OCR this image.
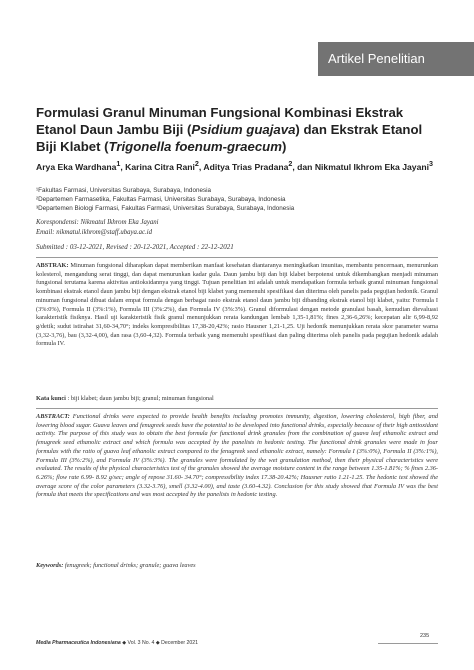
Artikel Penelitian
Formulasi Granul Minuman Fungsional Kombinasi Ekstrak Etanol Daun Jambu Biji (Psidium guajava) dan Ekstrak Etanol Biji Klabet (Trigonella foenum-graecum)
Arya Eka Wardhana$^1$, Karina Citra Rani$^2$, Aditya Trias Pradana$^2$, dan Nikmatul Ikhrom Eka Jayani$^3$
¹Fakultas Farmasi, Universitas Surabaya, Surabaya, Indonesia
²Departemen Farmasetika, Fakultas Farmasi, Universitas Surabaya, Surabaya, Indonesia
³Departemen Biologi Farmasi, Fakultas Farmasi, Universitas Surabaya, Surabaya, Indonesia
Korespondensi: Nikmatul Ikhrom Eka Jayani
Email: nikmatul.ikhrom@staff.ubaya.ac.id
Submitted : 03-12-2021, Revised : 20-12-2021, Accepted : 22-12-2021
ABSTRAK: Minuman fungsional diharapkan dapat memberikan manfaat kesehatan diantaranya meningkatkan imunitas, membantu pencernaan, menurunkan kolesterol, mengandung serat tinggi, dan dapat menurunkan kadar gula. Daun jambu biji dan biji klabet berpotensi untuk dikembangkan menjadi minuman fungsional terutama karena aktivitas antioksidannya yang tinggi. Tujuan penelitian ini adalah untuk mendapatkan formula terbaik granul minuman fungsional kombinasi ekstrak etanol daun jambu biji dengan ekstrak etanol biji klabet yang memenuhi spesifikasi dan diterima oleh panelis pada pegujian hedonik. Granul minuman fungsional dibuat dalam empat formula dengan berbagai rasio ekstrak etanol daun jambu biji dibanding ekstrak etanol biji klabet, yaitu: Formula I (3%:0%), Formula II (3%:1%), Formula III (3%:2%), dan Formula IV (3%:3%). Granul diformulasi dengan metode granulasi basah, kemudian dievaluasi karakteristik fisiknya. Hasil uji karakteristik fisik granul menunjukkan rerata kandungan lembab 1,35-1,81%; fines 2,36-6,26%; kecepatan alir 6,99-8,92 g/detik; sudut istirahat 31,60-34,70°; indeks kompresibilitas 17,38-20,42%; rasio Hausner 1,21-1,25. Uji hedonik menunjukkan rerata skor parameter warna (3,32-3,76), bau (3,32-4,00), dan rasa (3,60-4,32). Formula terbaik yang memenuhi spesifikasi dan paling diterima oleh panelis pada pegujian hedonik adalah formula IV.
Kata kunci : biji klabet; daun jambu biji; granul; minuman fungsional
ABSTRACT: Functional drinks were expected to provide health benefits including promotes immunity, digestion, lowering cholesterol, high fiber, and lowering blood sugar. Guava leaves and fenugreek seeds have the potential to be developed into functional drinks, especially because of their high antioxidant activity. The purpose of this study was to obtain the best formula for functional drink granules from the combination of guava leaf ethanolic extract and fenugreek seed ethanolic extract and which formula was accepted by the panelists in hedonic testing. The functional drink granules were made in four formulas with the ratio of guava leaf ethanolic extract compared to the fenugreek seed ethanolic extract, namely: Formula I (3%:0%), Formula II (3%:1%), Formula III (3%:2%), and Formula IV (3%:3%). The granules were formulated by the wet granulation method, then their physical characteristics were evaluated. The results of the physical characteristics test of the granules showed the average moisture content in the range between 1.35-1.81%; % fines 2.36-6.26%; flow rate 6.99- 8.92 g/sec; angle of repose 31.60- 34.70°; compressibility index 17.38-20.42%; Hausner ratio 1.21-1.25. The hedonic test showed the average score of the color parameters (3.32-3.76), smell (3.32-4.00), and taste (3.60-4.32). Conclusion for this study showed that Formula IV was the best formula that meets the specifications and was most accepted by the panelists in hedonic testing.
Keywords: fenugreek; functional drinks; granule; guava leaves
235
Media Pharmaceutica Indonesiana ◆ Vol. 3 No. 4 ◆ December 2021
